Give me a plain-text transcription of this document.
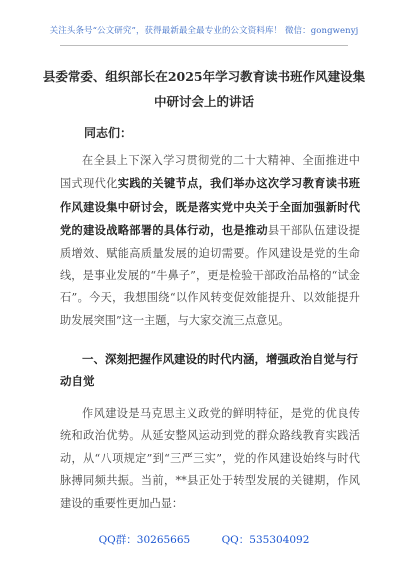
关注头条号“公文研究”，获得最新最全最专业的公文资料库！ 微信：gongwenyj
县委常委、组织部长在2025年学习教育读书班作风建设集
中研讨会上的讲话
同志们：

在全县上下深入学习贯彻党的二十大精神、全面推进中国式现代化实践的关键节点，我们举办这次学习教育读书班作风建设集中研讨会，既是落实党中央关于全面加强新时代党的建设战略部署的具体行动，也是推动县干部队伍建设提质增效、赋能高质量发展的迫切需要。作风建设是党的生命线，是事业发展的“牛鼻子”，更是检验干部政治品格的“试金石”。今天，我想围绕“以作风转变促效能提升、以效能提升助发展突围”这一主题，与大家交流三点意见。

一、深刻把握作风建设的时代内涵，增强政治自觉与行动自觉

作风建设是马克思主义政党的鲜明特征，是党的优良传统和政治优势。从延安整风运动到党的群众路线教育实践活动，从“八项规定”到“三严三实”，党的作风建设始终与时代脉搏同频共振。当前，**县正处于转型发展的关键期，作风建设的重要性更加凸显：

QQ群：30265665	QQ：535304092
